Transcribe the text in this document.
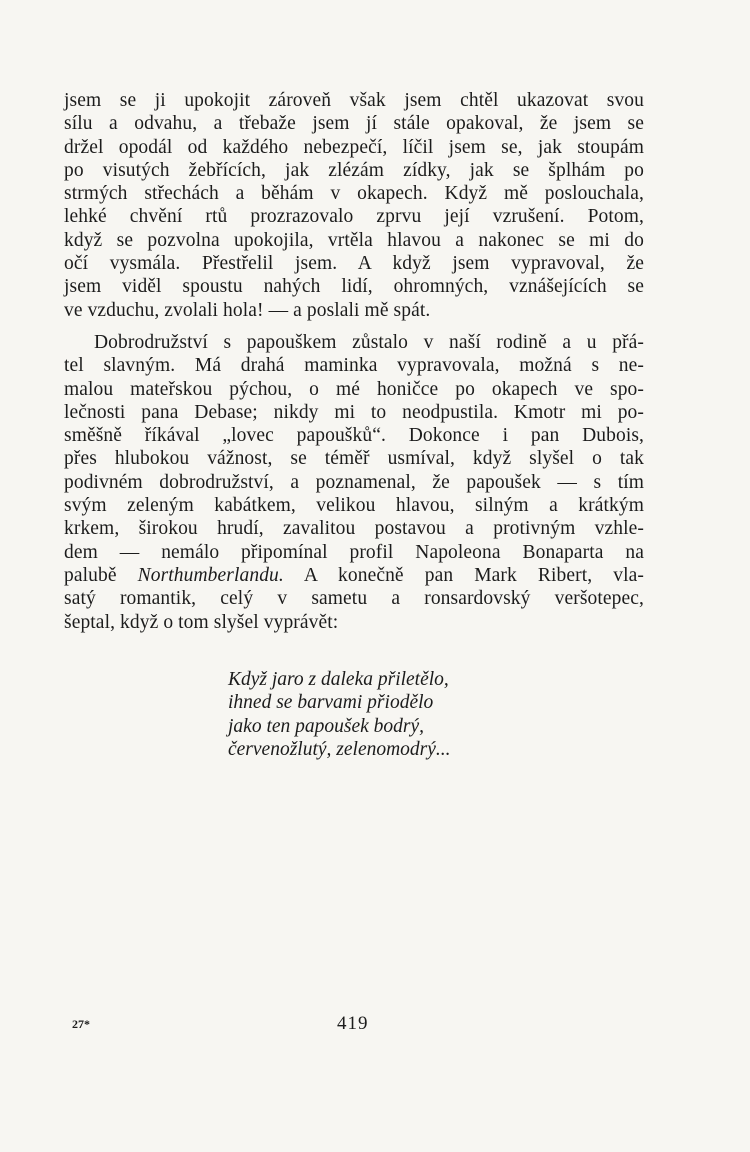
jsem se ji upokojit zároveň však jsem chtěl ukazovat svou
sílu a odvahu, a třebaže jsem jí stále opakoval, že jsem se
držel opodál od každého nebezpečí, líčil jsem se, jak stoupám
po visutých žebřících, jak zlézám zídky, jak se šplhám po
strmých střechách a běhám v okapech. Když mě poslouchala,
lehké chvění rtů prozrazovalo zprvu její vzrušení. Potom,
když se pozvolna upokojila, vrtěla hlavou a nakonec se mi do
očí vysmála. Přestřelil jsem. A když jsem vypravoval, že
jsem viděl spoustu nahých lidí, ohromných, vznášejících se
ve vzduchu, zvolali hola! — a poslali mě spát.
Dobrodružství s papouškem zůstalo v naší rodině a u přá-
tel slavným. Má drahá maminka vypravovala, možná s ne-
malou mateřskou pýchou, o mé honičce po okapech ve spo-
lečnosti pana Debase; nikdy mi to neodpustila. Kmotr mi po-
směšně říkával „lovec papoušků“. Dokonce i pan Dubois,
přes hlubokou vážnost, se téměř usmíval, když slyšel o tak
podivném dobrodružství, a poznamenal, že papoušek — s tím
svým zeleným kabátkem, velikou hlavou, silným a krátkým
krkem, širokou hrudí, zavalitou postavou a protivným vzhle-
dem — nemálo připomínal profil Napoleona Bonaparta na
palubě Northumberlandu. A konečně pan Mark Ribert, vla-
satý romantik, celý v sametu a ronsardovský veršotepec,
šeptal, když o tom slyšel vyprávět:
Když jaro z daleka přiletělo,
ihned se barvami přiodělo
jako ten papoušek bodrý,
červenožlutý, zelenomodrý...
27*	419
